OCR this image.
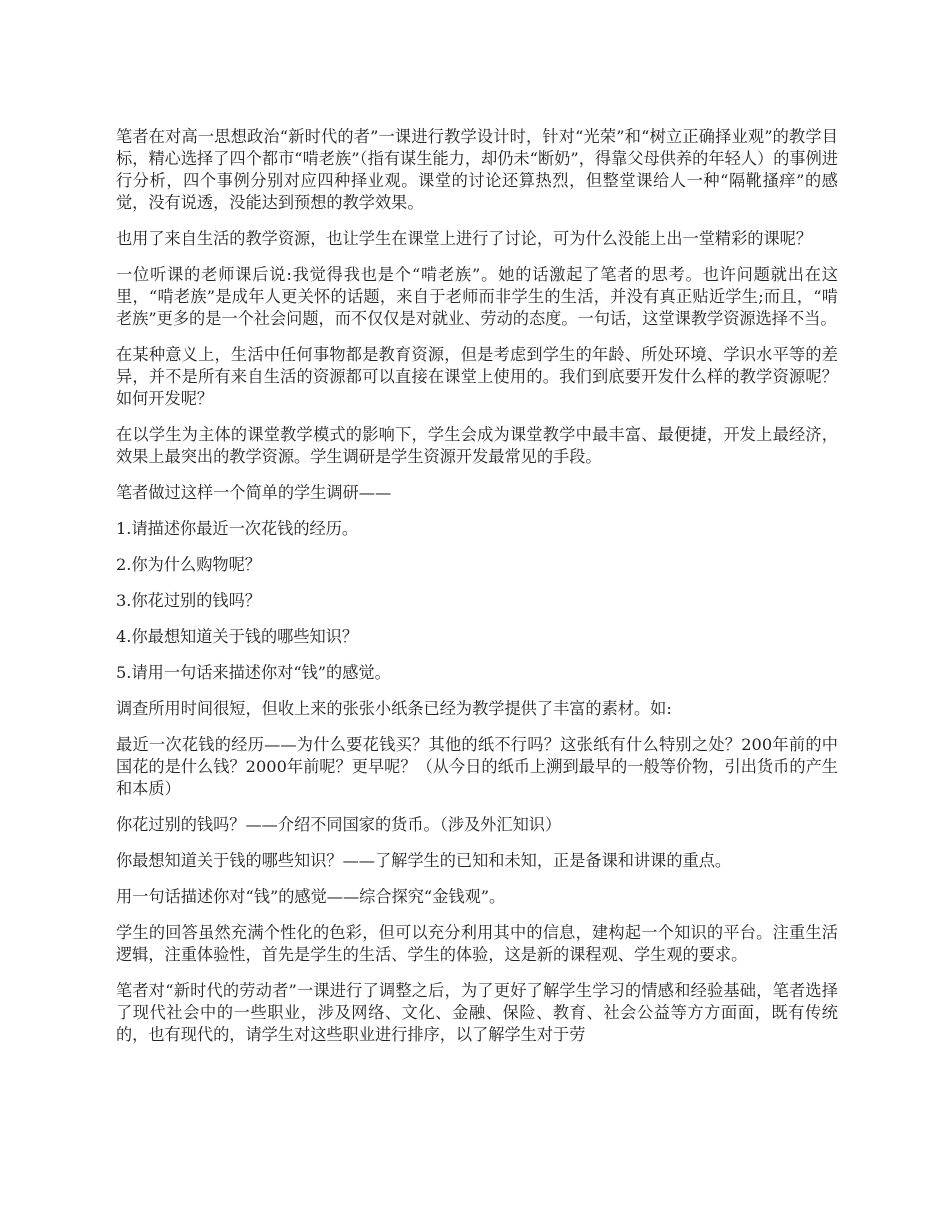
笔者在对高一思想政治“新时代的者”一课进行教学设计时，针对“光荣”和“树立正确择业观”的教学目标，精心选择了四个都市“啃老族”（指有谋生能力，却仍未“断奶”，得靠父母供养的年轻人）的事例进行分析，四个事例分别对应四种择业观。课堂的讨论还算热烈，但整堂课给人一种“隔靴搔痒”的感觉，没有说透，没能达到预想的教学效果。

也用了来自生活的教学资源，也让学生在课堂上进行了讨论，可为什么没能上出一堂精彩的课呢？

一位听课的老师课后说:我觉得我也是个“啃老族”。她的话激起了笔者的思考。也许问题就出在这里，“啃老族”是成年人更关怀的话题，来自于老师而非学生的生活，并没有真正贴近学生;而且，“啃老族”更多的是一个社会问题，而不仅仅是对就业、劳动的态度。一句话，这堂课教学资源选择不当。

在某种意义上，生活中任何事物都是教育资源，但是考虑到学生的年龄、所处环境、学识水平等的差异，并不是所有来自生活的资源都可以直接在课堂上使用的。我们到底要开发什么样的教学资源呢？如何开发呢？

在以学生为主体的课堂教学模式的影响下，学生会成为课堂教学中最丰富、最便捷，开发上最经济，效果上最突出的教学资源。学生调研是学生资源开发最常见的手段。

笔者做过这样一个简单的学生调研——

1.请描述你最近一次花钱的经历。

2.你为什么购物呢？

3.你花过别的钱吗？

4.你最想知道关于钱的哪些知识？

5.请用一句话来描述你对“钱”的感觉。

调查所用时间很短，但收上来的张张小纸条已经为教学提供了丰富的素材。如:

最近一次花钱的经历——为什么要花钱买？其他的纸不行吗？这张纸有什么特别之处？200年前的中国花的是什么钱？2000年前呢？更早呢？（从今日的纸币上溯到最早的一般等价物，引出货币的产生和本质）

你花过别的钱吗？——介绍不同国家的货币。（涉及外汇知识）

你最想知道关于钱的哪些知识？——了解学生的已知和未知，正是备课和讲课的重点。

用一句话描述你对“钱”的感觉——综合探究“金钱观”。

学生的回答虽然充满个性化的色彩，但可以充分利用其中的信息，建构起一个知识的平台。注重生活逻辑，注重体验性，首先是学生的生活、学生的体验，这是新的课程观、学生观的要求。

笔者对“新时代的劳动者”一课进行了调整之后，为了更好了解学生学习的情感和经验基础，笔者选择了现代社会中的一些职业，涉及网络、文化、金融、保险、教育、社会公益等方方面面，既有传统的，也有现代的，请学生对这些职业进行排序，以了解学生对于劳
